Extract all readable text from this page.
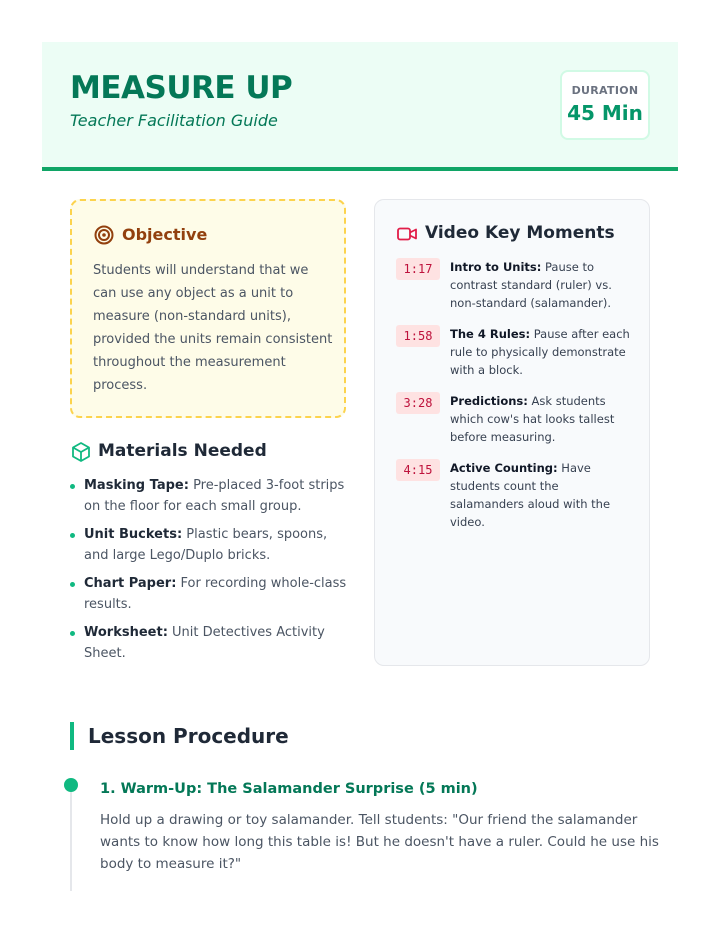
MEASURE UP
Teacher Facilitation Guide
DURATION
45 Min
Objective
Students will understand that we can use any object as a unit to measure (non-standard units), provided the units remain consistent throughout the measurement process.
Materials Needed
Masking Tape: Pre-placed 3-foot strips on the floor for each small group.
Unit Buckets: Plastic bears, spoons, and large Lego/Duplo bricks.
Chart Paper: For recording whole-class results.
Worksheet: Unit Detectives Activity Sheet.
Video Key Moments
1:17	Intro to Units: Pause to contrast standard (ruler) vs. non-standard (salamander).
1:58	The 4 Rules: Pause after each rule to physically demonstrate with a block.
3:28	Predictions: Ask students which cow's hat looks tallest before measuring.
4:15	Active Counting: Have students count the salamanders aloud with the video.
Lesson Procedure
1. Warm-Up: The Salamander Surprise (5 min)
Hold up a drawing or toy salamander. Tell students: "Our friend the salamander wants to know how long this table is! But he doesn't have a ruler. Could he use his body to measure it?"
